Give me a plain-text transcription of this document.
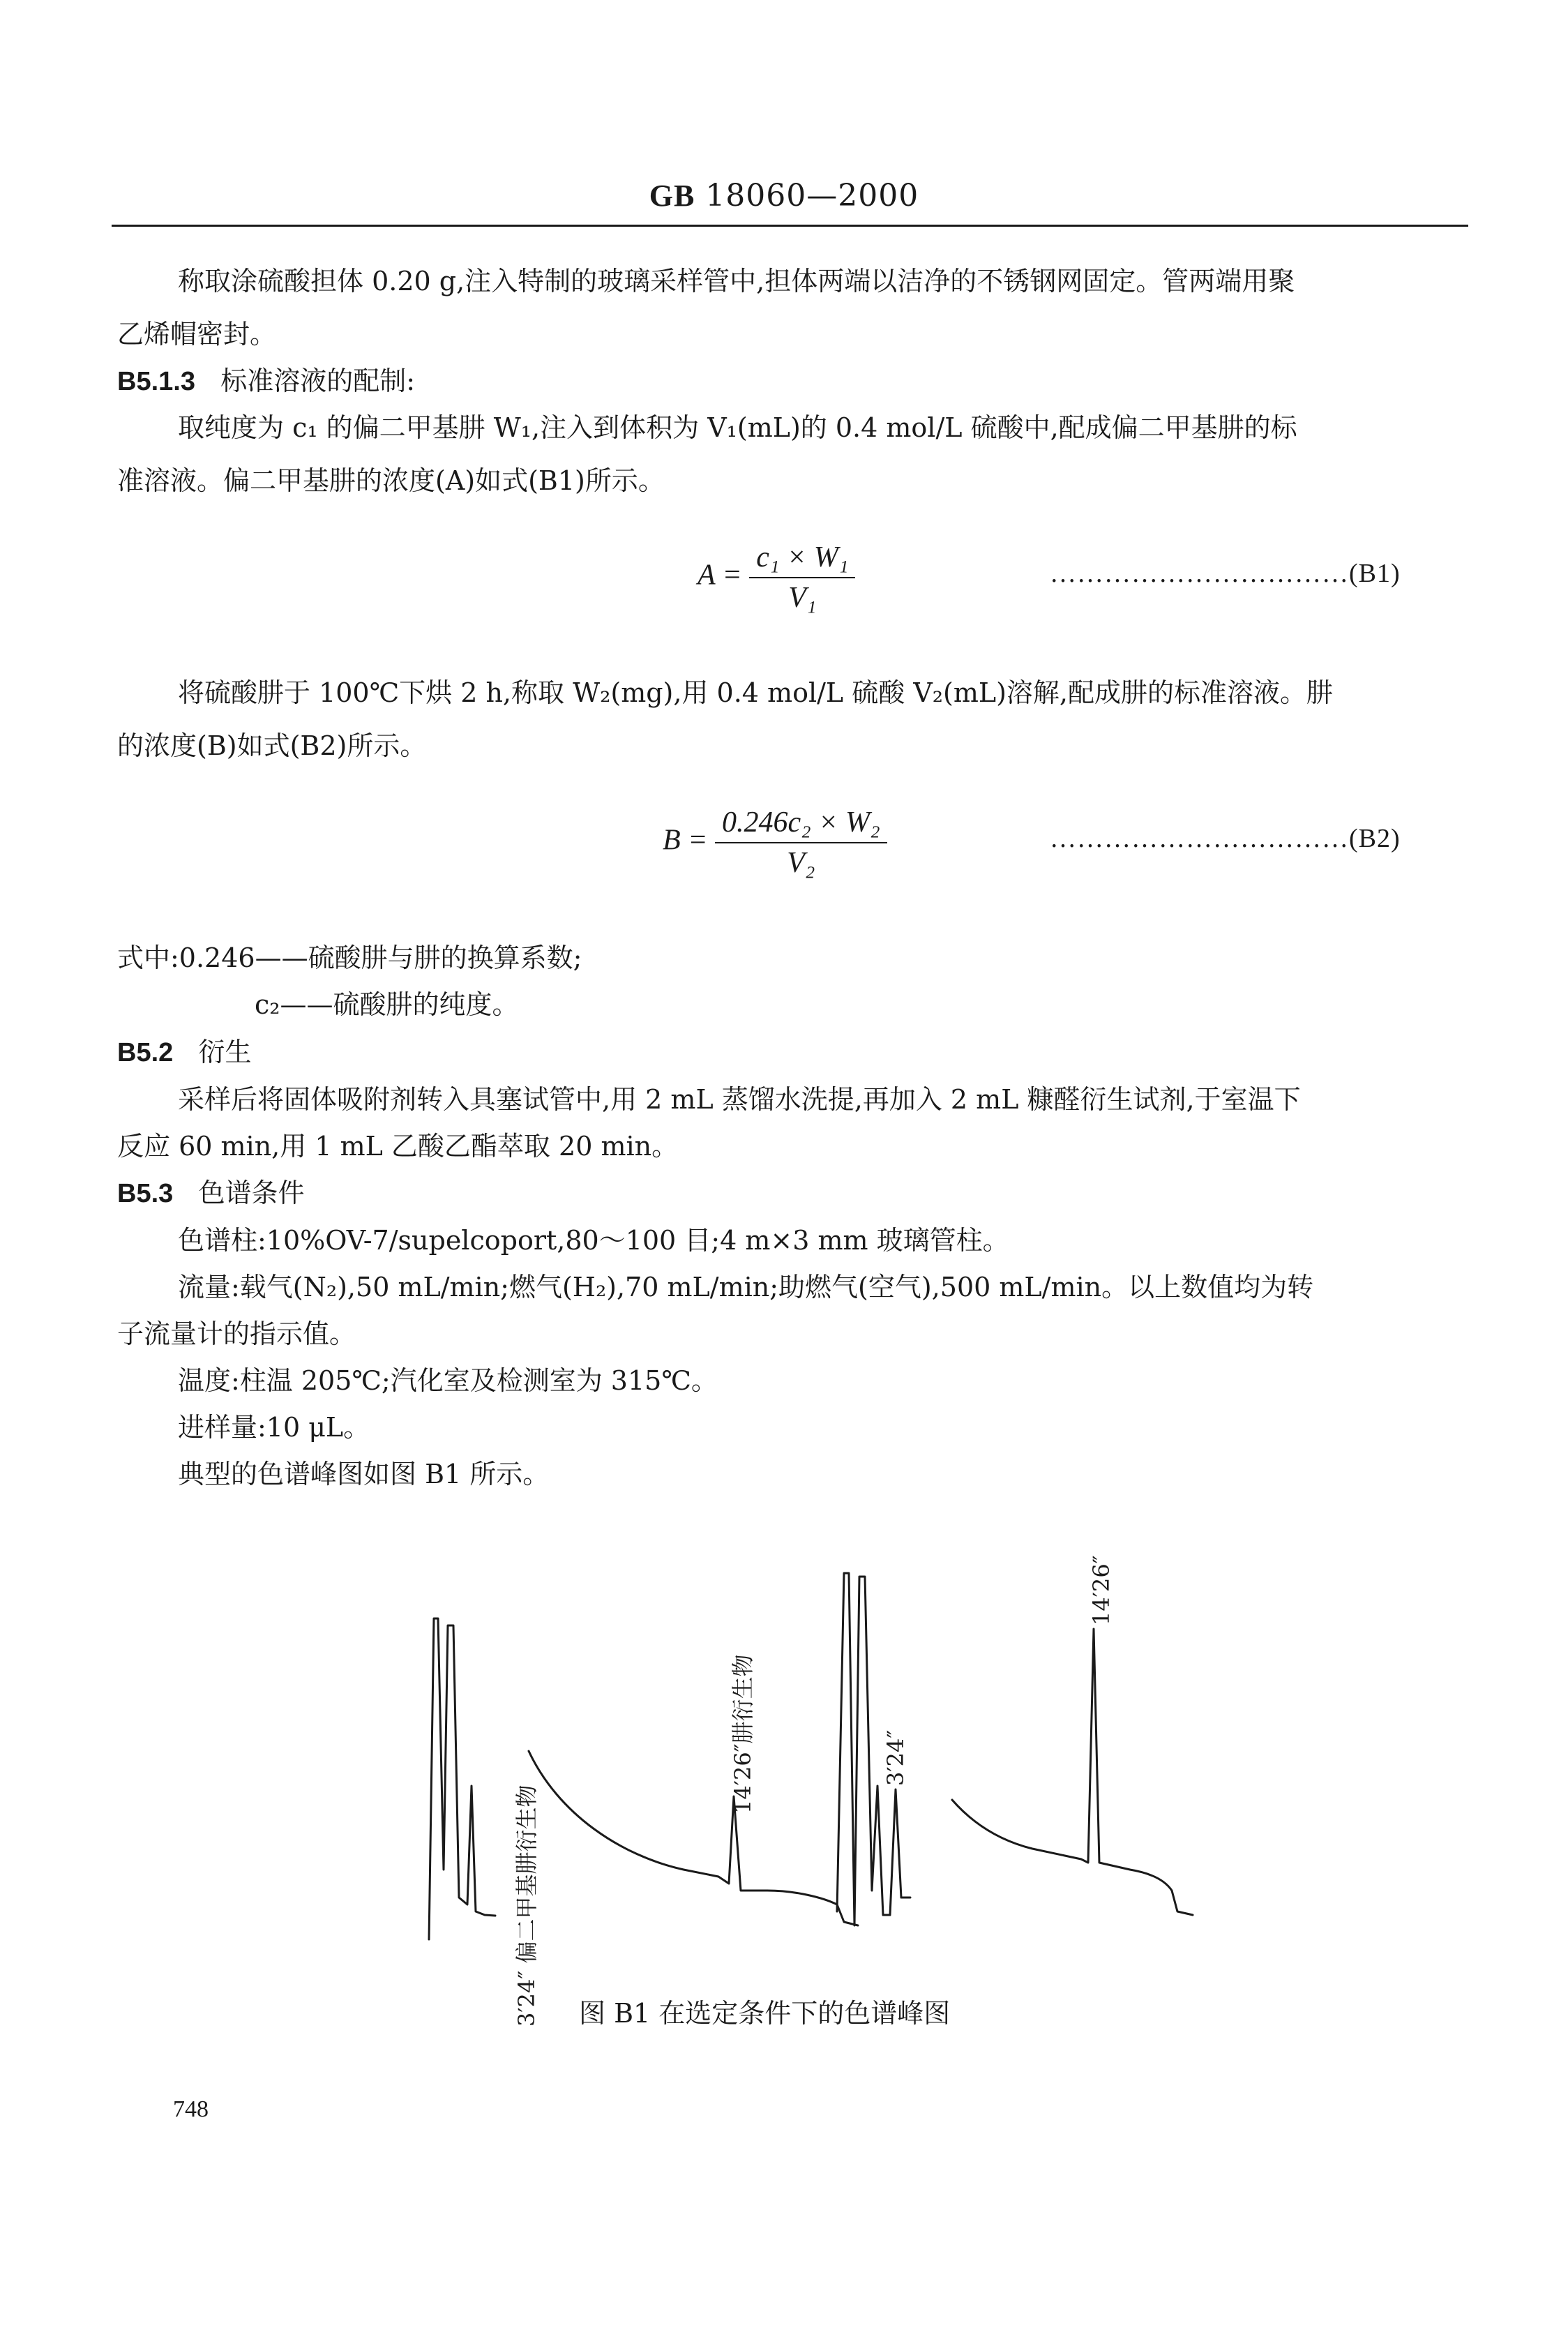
GB 18060—2000
称取涂硫酸担体 0.20 g,注入特制的玻璃采样管中,担体两端以洁净的不锈钢网固定。管两端用聚
乙烯帽密封。
B5.1.3 标准溶液的配制:
取纯度为 c₁ 的偏二甲基肼 W₁,注入到体积为 V₁(mL)的 0.4 mol/L 硫酸中,配成偏二甲基肼的标
准溶液。偏二甲基肼的浓度(A)如式(B1)所示。
$A = \frac{\text{c₁ × W₁}}{\text{V₁}}$	……………………………(B1)
将硫酸肼于 100℃下烘 2 h,称取 W₂(mg),用 0.4 mol/L 硫酸 V₂(mL)溶解,配成肼的标准溶液。肼
的浓度(B)如式(B2)所示。
$B = \frac{\text{0.246c₂ × W₂}}{\text{V₂}}$	……………………………(B2)
式中:0.246——硫酸肼与肼的换算系数;
c₂——硫酸肼的纯度。
B5.2 衍生
采样后将固体吸附剂转入具塞试管中,用 2 mL 蒸馏水洗提,再加入 2 mL 糠醛衍生试剂,于室温下
反应 60 min,用 1 mL 乙酸乙酯萃取 20 min。
B5.3 色谱条件
色谱柱:10%OV-7/supelcoport,80～100 目;4 m×3 mm 玻璃管柱。
流量:载气(N₂),50 mL/min;燃气(H₂),70 mL/min;助燃气(空气),500 mL/min。以上数值均为转
子流量计的指示值。
温度:柱温 205℃;汽化室及检测室为 315℃。
进样量:10 μL。
典型的色谱峰图如图 B1 所示。
3′24″ 偏二甲基肼衍生物
14′26″肼衍生物	3′24″
14′26″
图 B1 在选定条件下的色谱峰图
748
